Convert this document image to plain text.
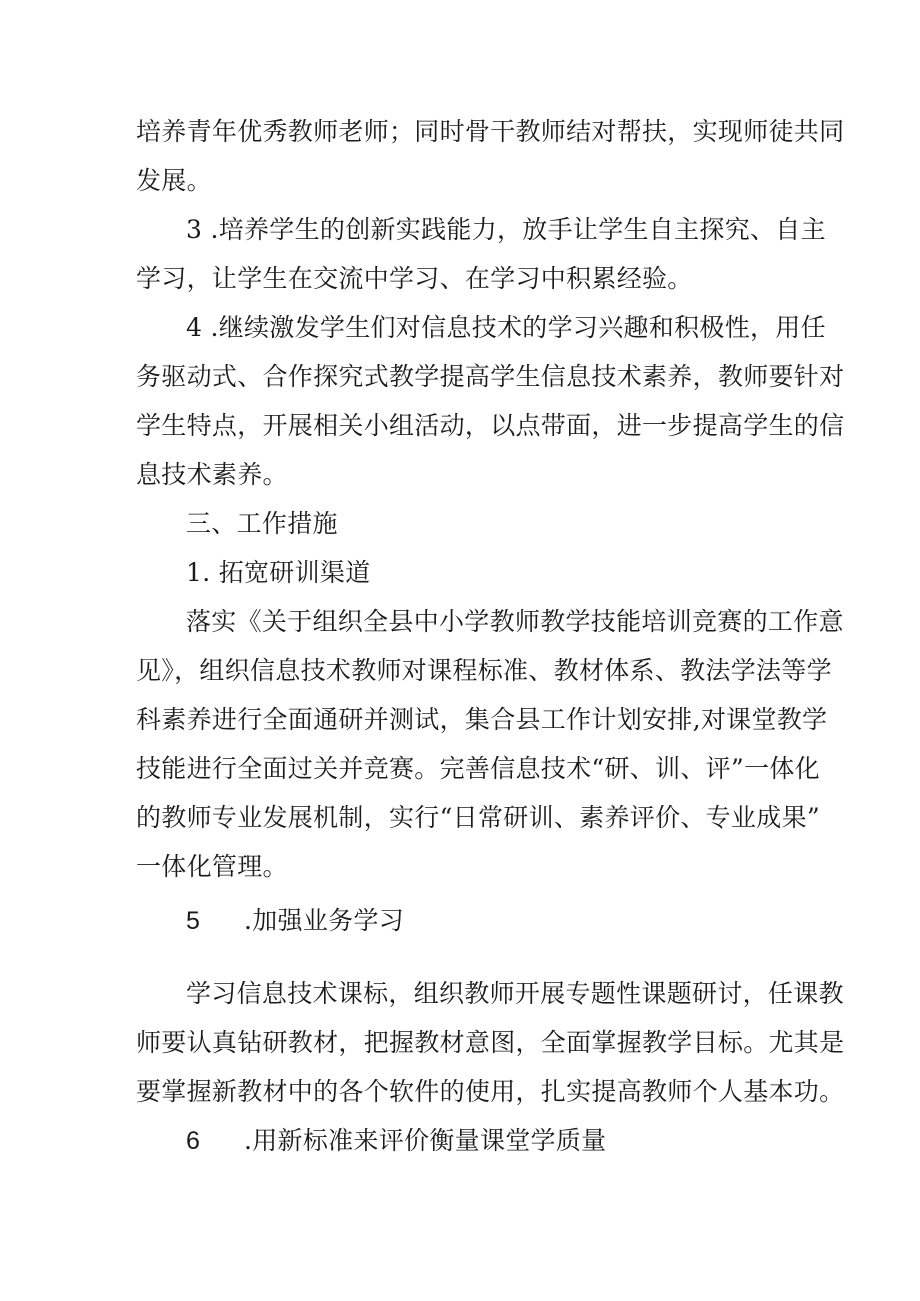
培养青年优秀教师老师；同时骨干教师结对帮扶，实现师徒共同
发展。
3 .培养学生的创新实践能力，放手让学生自主探究、自主
学习，让学生在交流中学习、在学习中积累经验。
4 .继续激发学生们对信息技术的学习兴趣和积极性，用任
务驱动式、合作探究式教学提高学生信息技术素养，教师要针对
学生特点，开展相关小组活动，以点带面，进一步提高学生的信
息技术素养。
三、工作措施
1. 拓宽研训渠道
落实《关于组织全县中小学教师教学技能培训竞赛的工作意
见》，组织信息技术教师对课程标准、教材体系、教法学法等学
科素养进行全面通研并测试，集合县工作计划安排,对课堂教学
技能进行全面过关并竞赛。完善信息技术“研、训、评”一体化
的教师专业发展机制，实行“日常研训、素养评价、专业成果”
一体化管理。
5 .加强业务学习
学习信息技术课标，组织教师开展专题性课题研讨，任课教
师要认真钻研教材，把握教材意图，全面掌握教学目标。尤其是
要掌握新教材中的各个软件的使用，扎实提高教师个人基本功。
6 .用新标准来评价衡量课堂学质量
